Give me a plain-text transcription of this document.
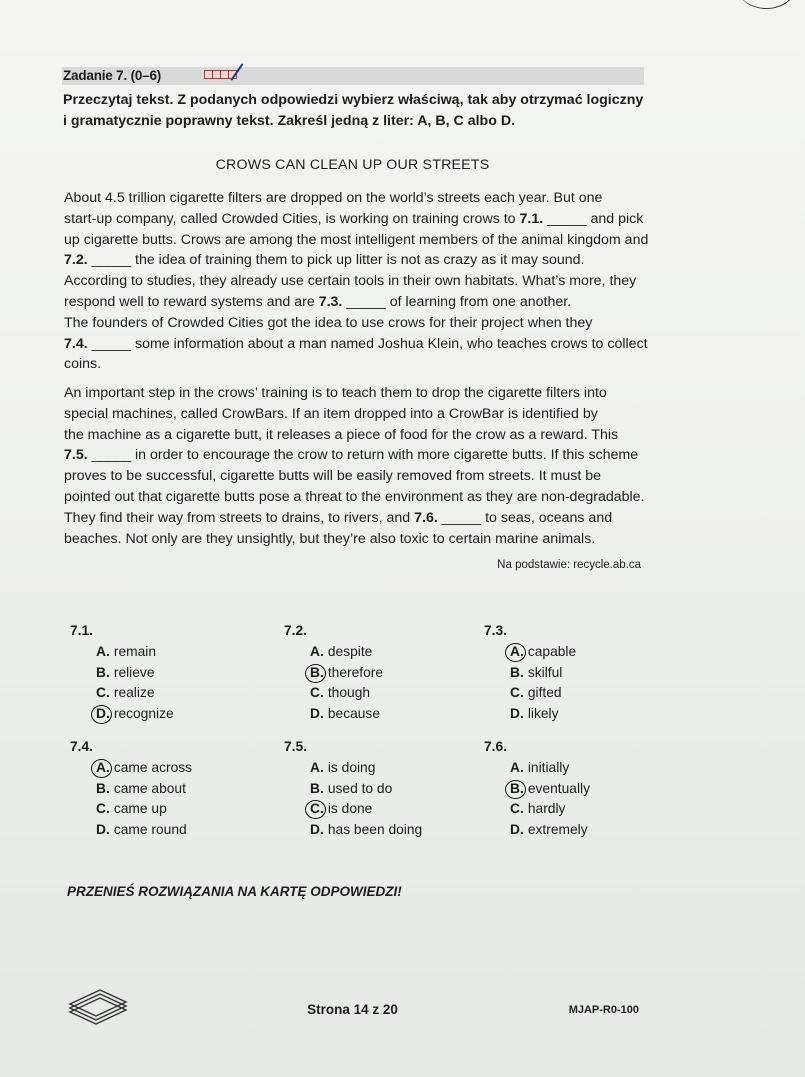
Zadanie 7. (0–6)
Przeczytaj tekst. Z podanych odpowiedzi wybierz właściwą, tak aby otrzymać logiczny
i gramatycznie poprawny tekst. Zakreśl jedną z liter: A, B, C albo D.
CROWS CAN CLEAN UP OUR STREETS
About 4.5 trillion cigarette filters are dropped on the world’s streets each year. But one
start-up company, called Crowded Cities, is working on training crows to 7.1. _____ and pick
up cigarette butts. Crows are among the most intelligent members of the animal kingdom and
7.2. _____ the idea of training them to pick up litter is not as crazy as it may sound.
According to studies, they already use certain tools in their own habitats. What’s more, they
respond well to reward systems and are 7.3. _____ of learning from one another.
The founders of Crowded Cities got the idea to use crows for their project when they
7.4. _____ some information about a man named Joshua Klein, who teaches crows to collect
coins.
An important step in the crows’ training is to teach them to drop the cigarette filters into
special machines, called CrowBars. If an item dropped into a CrowBar is identified by
the machine as a cigarette butt, it releases a piece of food for the crow as a reward. This
7.5. _____ in order to encourage the crow to return with more cigarette butts. If this scheme
proves to be successful, cigarette butts will be easily removed from streets. It must be
pointed out that cigarette butts pose a threat to the environment as they are non-degradable.
They find their way from streets to drains, to rivers, and 7.6. _____ to seas, oceans and
beaches. Not only are they unsightly, but they’re also toxic to certain marine animals.
Na podstawie: recycle.ab.ca
7.1.
A. remain
B. relieve
C. realize
D. recognize
7.2.
A. despite
B. therefore
C. though
D. because
7.3.
A. capable
B. skilful
C. gifted
D. likely
7.4.
A. came across
B. came about
C. came up
D. came round
7.5.
A. is doing
B. used to do
C. is done
D. has been doing
7.6.
A. initially
B. eventually
C. hardly
D. extremely
PRZENIEŚ ROZWIĄZANIA NA KARTĘ ODPOWIEDZI!
Strona 14 z 20	MJAP-R0-100
